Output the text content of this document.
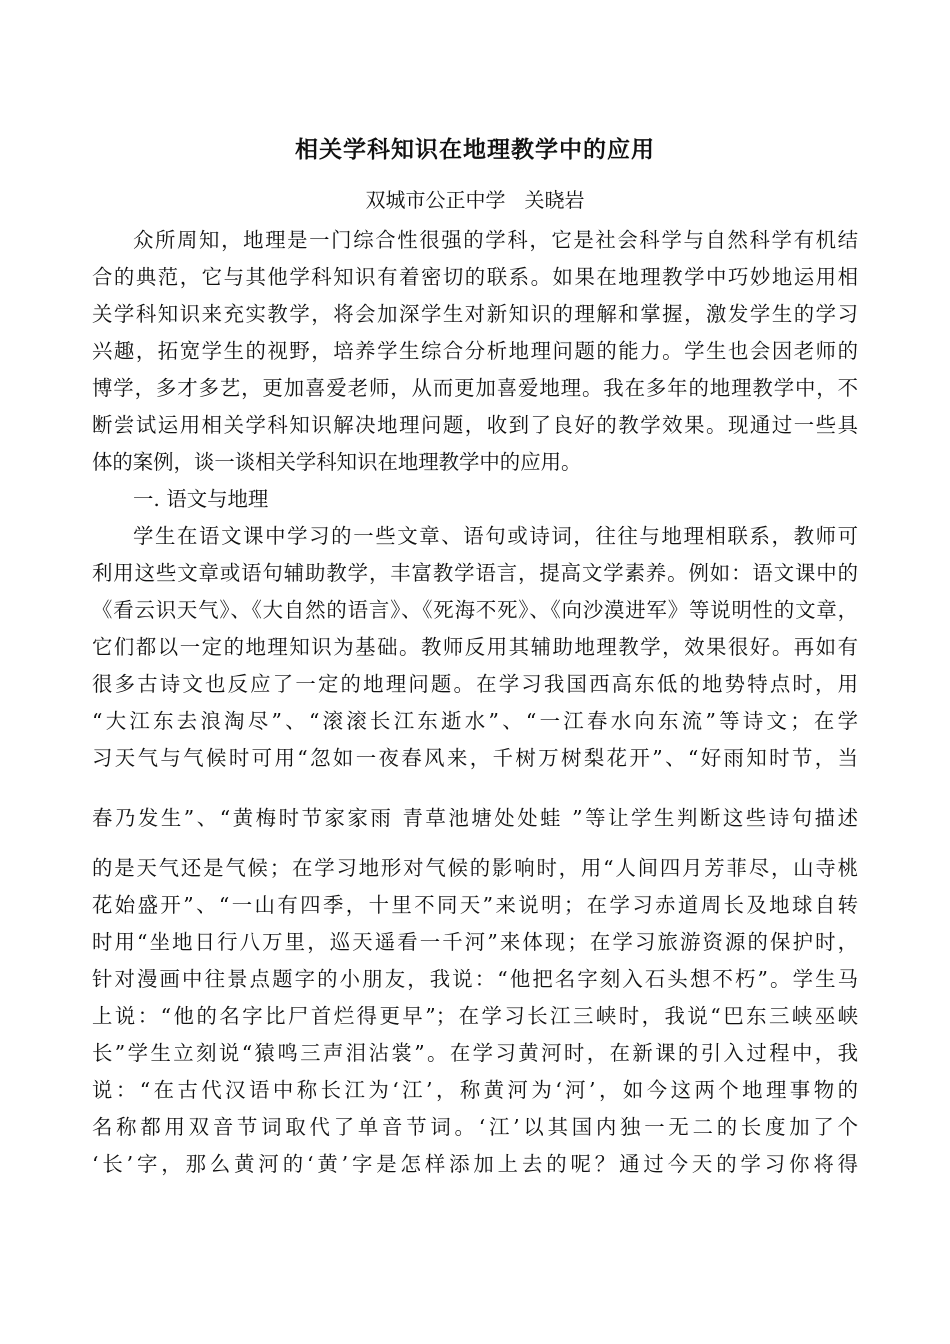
相关学科知识在地理教学中的应用

双城市公正中学   关晓岩

众所周知，地理是一门综合性很强的学科，它是社会科学与自然科学有机结

合的典范，它与其他学科知识有着密切的联系。如果在地理教学中巧妙地运用相

关学科知识来充实教学，将会加深学生对新知识的理解和掌握，激发学生的学习

兴趣，拓宽学生的视野，培养学生综合分析地理问题的能力。学生也会因老师的

博学，多才多艺，更加喜爱老师，从而更加喜爱地理。我在多年的地理教学中，不

断尝试运用相关学科知识解决地理问题，收到了良好的教学效果。现通过一些具

体的案例，谈一谈相关学科知识在地理教学中的应用。

一. 语文与地理

学生在语文课中学习的一些文章、语句或诗词，往往与地理相联系，教师可

利用这些文章或语句辅助教学，丰富教学语言，提高文学素养。例如：语文课中的

《看云识天气》、《大自然的语言》、《死海不死》、《向沙漠进军》等说明性的文章，

它们都以一定的地理知识为基础。教师反用其辅助地理教学，效果很好。再如有

很多古诗文也反应了一定的地理问题。在学习我国西高东低的地势特点时，用

“大江东去浪淘尽”、“滚滚长江东逝水”、“一江春水向东流”等诗文；在学

习天气与气候时可用“忽如一夜春风来，千树万树梨花开”、“好雨知时节，当

春乃发生”、“黄梅时节家家雨 青草池塘处处蛙 ”等让学生判断这些诗句描述

的是天气还是气候；在学习地形对气候的影响时，用“人间四月芳菲尽，山寺桃

花始盛开”、“一山有四季，十里不同天”来说明；在学习赤道周长及地球自转

时用“坐地日行八万里，巡天遥看一千河”来体现；在学习旅游资源的保护时，

针对漫画中往景点题字的小朋友，我说：“他把名字刻入石头想不朽”。学生马

上说：“他的名字比尸首烂得更早”；在学习长江三峡时，我说“巴东三峡巫峡

长”学生立刻说“猿鸣三声泪沾裳”。在学习黄河时，在新课的引入过程中，我

说：“在古代汉语中称长江为‘江’，称黄河为‘河’，如今这两个地理事物的

名称都用双音节词取代了单音节词。‘江’以其国内独一无二的长度加了个

‘长’字，那么黄河的‘黄’字是怎样添加上去的呢？通过今天的学习你将得
